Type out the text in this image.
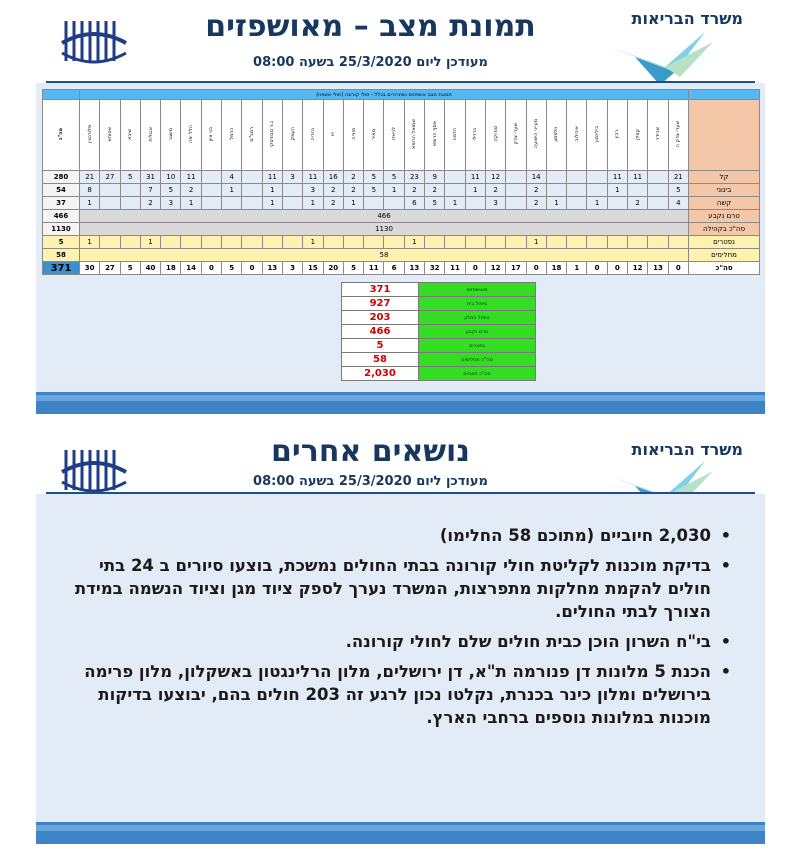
תמונת מצב – מאושפזים
מעודכן ליום 25/3/2020 בשעה 08:00
משרד הבריאות
	תמונת מצב אשפוזים ושחרורים בכלל - חולי קורונה (חולי אשפוז)																														
סה"כ	פלורנטין	אסותא	שיבא	אנגלית	משגב	הלל יפה	בני ציון	כרמל	רמב"ם	ג.ר סבורסקי	העמק	נהריה	זיו	פוריה	מאיר	לניאדו	שמואל הרופא	אסף הרופא	הדסה	ברזילי	סורוקה	שערי צדק	מעייני הישועה	וולפסון	איכילוב	בילינסון	רבין	קפלן	שניידר	שערי צדק ה	
280	21	27	5	31	10	11		4		11	3	11	16	2	5	5	23	9		11	12		14				11	11		21	קל
54	8			7	5	2		1		1		3	2	2	5	1	2	2		1	2		2				1			5	בינוני
37	1			2	3	1				1		1	2	1			6	5	1		3		2	1		1		2		4	קשה
466	466																														טרם נקבע
1130	1130																														סה"כ בקהילה
5	1			1								1					1						1								נפטרים
58	58																														מחלימים
371	30	27	5	40	18	14	0	5	0	13	3	15	20	5	11	6	13	32	11	0	12	17	0	18	1	0	0	12	13	0	סה"כ
371	מאושפזים
927	טיפול בית
203	טיפול במלון
466	טרם נקבע
5	נפטרים
58	סה"כ מחלימים
2,030	סה"כ חיוביים
נושאים אחרים
מעודכן ליום 25/3/2020 בשעה 08:00
משרד הבריאות
•
2,030 חיוביים (מתוכם 58 החלימו)
•
בדיקת מוכנות לקליטת חולי קורונה בבתי החולים נמשכת, בוצעו סיורים ב 24 בתי חולים להקמת מחלקות מתפרצות, המשרד נערך לספק ציוד מגן וציוד הנשמה במידת הצורך לבתי החולים.
•
בי"ח השרון הוכן כבית חולים שלם לחולי קורונה.
•
הכנת 5 מלונות דן פנורמה ת"א, דן ירושלים, מלון הרלינגטון באשקלון, מלון פרימה בירושלים ומלון כינר בכנרת, נקלטו נכון לרגע זה 203 חולים בהם, יבוצעו בדיקות מוכנות במלונות נוספים ברחבי הארץ.
